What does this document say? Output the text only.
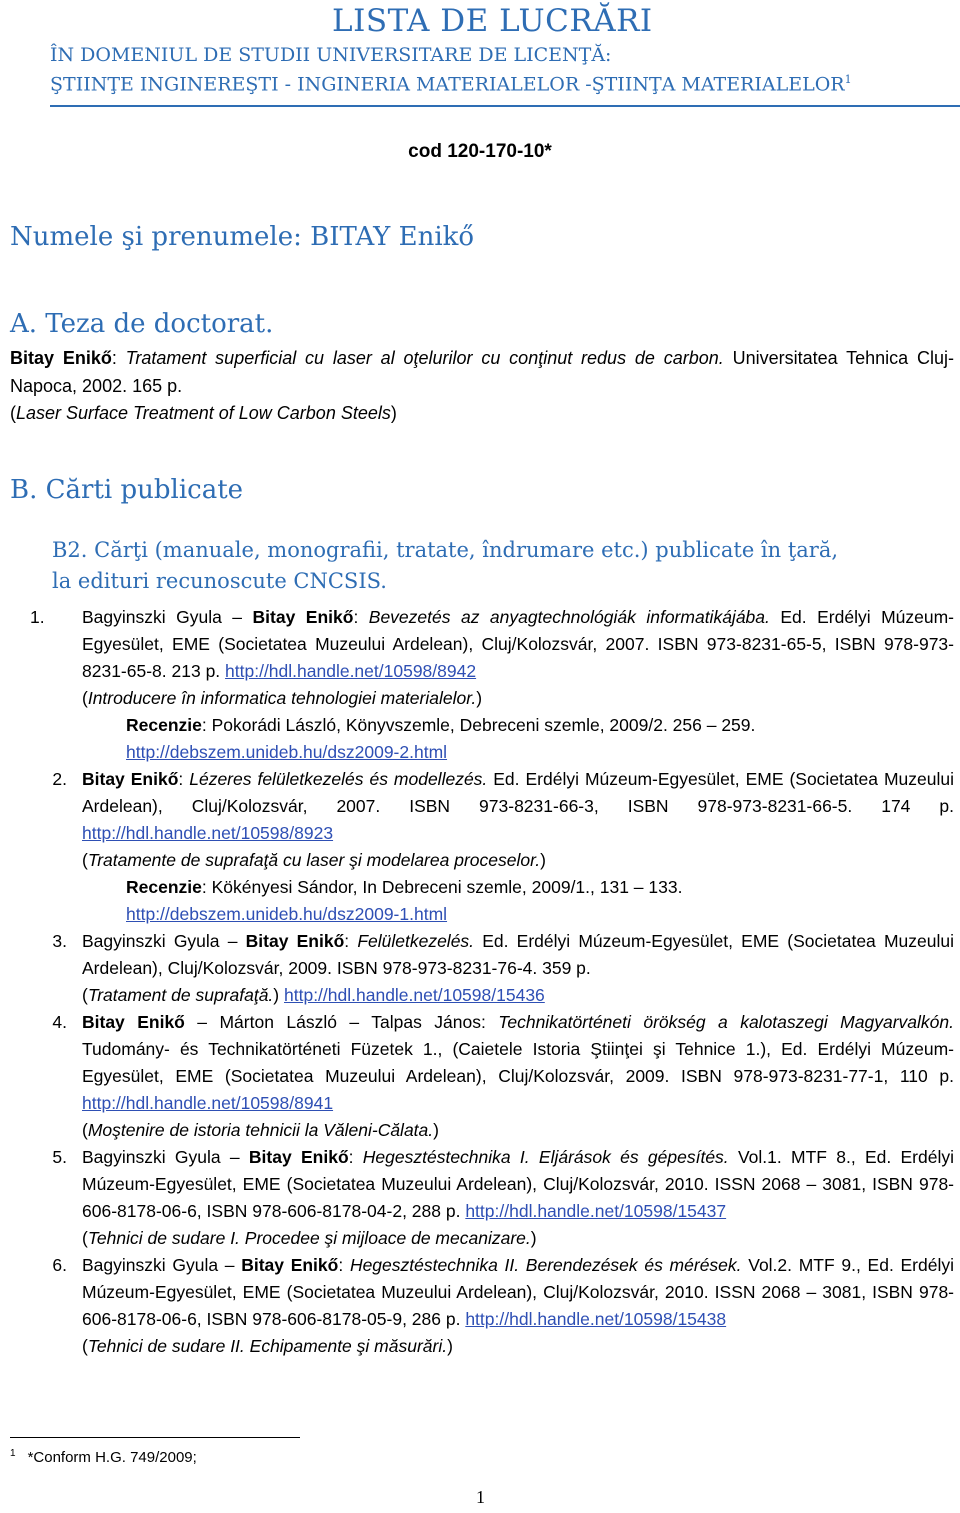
LISTA DE LUCRĂRI
ÎN DOMENIUL DE STUDII UNIVERSITARE DE LICENŢĂ:
ŞTIINŢE INGINEREŞTI - INGINERIA MATERIALELOR -ŞTIINŢA MATERIALELOR$^1$
cod 120-170-10*
Numele şi prenumele: BITAY Enikő
A. Teza de doctorat.
Bitay Enikő: Tratament superficial cu laser al oţelurilor cu conţinut redus de carbon. Universitatea Tehnica Cluj-Napoca, 2002. 165 p.
(Laser Surface Treatment of Low Carbon Steels)
B. Cărti publicate
B2. Cărţi (manuale, monografii, tratate, îndrumare etc.) publicate în ţară,
la edituri recunoscute CNCSIS.
1. Bagyinszki Gyula – Bitay Enikő: Bevezetés az anyagtechnológiák informatikájába. Ed. Erdélyi Múzeum-Egyesület, EME (Societatea Muzeului Ardelean), Cluj/Kolozsvár, 2007. ISBN 973-8231-65-5, ISBN 978-973-8231-65-8. 213 p. http://hdl.handle.net/10598/8942
(Introducere în informatica tehnologiei materialelor.)
Recenzie: Pokorádi László, Könyvszemle, Debreceni szemle, 2009/2. 256 – 259.
http://debszem.unideb.hu/dsz2009-2.html
2. Bitay Enikő: Lézeres felületkezelés és modellezés. Ed. Erdélyi Múzeum-Egyesület, EME (Societatea Muzeului Ardelean), Cluj/Kolozsvár, 2007. ISBN 973-8231-66-3, ISBN 978-973-8231-66-5. 174 p. http://hdl.handle.net/10598/8923
(Tratamente de suprafaţă cu laser şi modelarea proceselor.)
Recenzie: Kökényesi Sándor, In Debreceni szemle, 2009/1., 131 – 133.
http://debszem.unideb.hu/dsz2009-1.html
3. Bagyinszki Gyula – Bitay Enikő: Felületkezelés. Ed. Erdélyi Múzeum-Egyesület, EME (Societatea Muzeului Ardelean), Cluj/Kolozsvár, 2009. ISBN 978-973-8231-76-4. 359 p.
(Tratament de suprafaţă.) http://hdl.handle.net/10598/15436
4. Bitay Enikő – Márton László – Talpas János: Technikatörténeti örökség a kalotaszegi Magyarvalkón. Tudomány- és Technikatörténeti Füzetek 1., (Caietele Istoria Ştiinţei şi Tehnice 1.), Ed. Erdélyi Múzeum-Egyesület, EME (Societatea Muzeului Ardelean), Cluj/Kolozsvár, 2009. ISBN 978-973-8231-77-1, 110 p. http://hdl.handle.net/10598/8941
(Moştenire de istoria tehnicii la Văleni-Călata.)
5. Bagyinszki Gyula – Bitay Enikő: Hegesztéstechnika I. Eljárások és gépesítés. Vol.1. MTF 8., Ed. Erdélyi Múzeum-Egyesület, EME (Societatea Muzeului Ardelean), Cluj/Kolozsvár, 2010. ISSN 2068 – 3081, ISBN 978-606-8178-06-6, ISBN 978-606-8178-04-2, 288 p. http://hdl.handle.net/10598/15437
(Tehnici de sudare I. Procedee şi mijloace de mecanizare.)
6. Bagyinszki Gyula – Bitay Enikő: Hegesztéstechnika II. Berendezések és mérések. Vol.2. MTF 9., Ed. Erdélyi Múzeum-Egyesület, EME (Societatea Muzeului Ardelean), Cluj/Kolozsvár, 2010. ISSN 2068 – 3081, ISBN 978-606-8178-06-6, ISBN 978-606-8178-05-9, 286 p. http://hdl.handle.net/10598/15438
(Tehnici de sudare II. Echipamente şi măsurări.)
$^1$ *Conform H.G. 749/2009;
1
